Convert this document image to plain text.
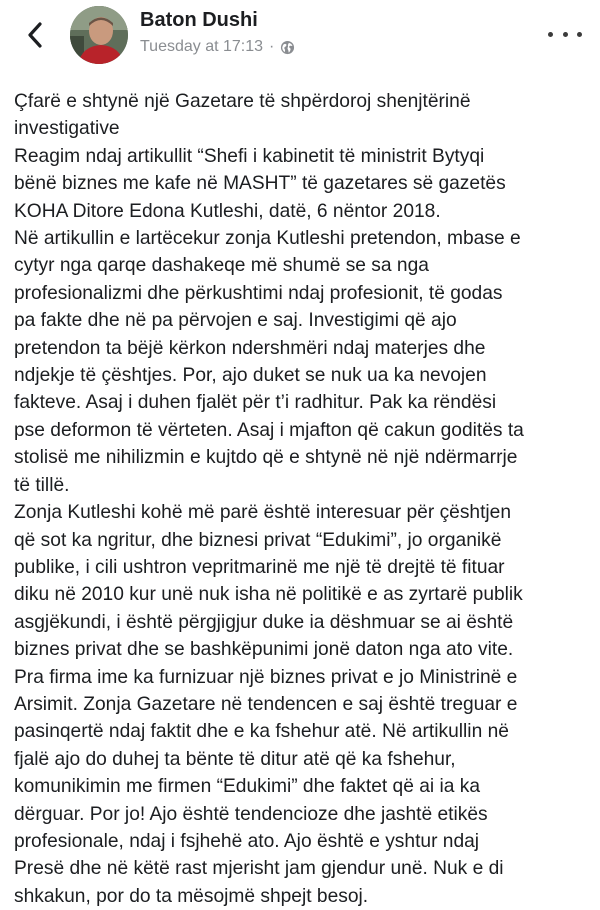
Baton Dushi
Tuesday at 17:13 ·

Çfarë e shtynë një Gazetare të shpërdoroj shenjtërinë

investigative

Reagim ndaj artikullit “Shefi i kabinetit të ministrit Bytyqi

bënë biznes me kafe në MASHT” të gazetares së gazetës

KOHA Ditore Edona Kutleshi, datë, 6 nëntor 2018.

Në artikullin e lartëcekur zonja Kutleshi pretendon, mbase e

cytyr nga qarqe dashakeqe më shumë se sa nga

profesionalizmi dhe përkushtimi ndaj profesionit, të godas

pa fakte dhe në pa përvojen e saj. Investigimi që ajo

pretendon ta bëjë kërkon ndershmëri ndaj materjes dhe

ndjekje të çështjes. Por, ajo duket se nuk ua ka nevojen

fakteve. Asaj i duhen fjalët për t’i radhitur. Pak ka rëndësi

pse deformon të vërteten. Asaj i mjafton që cakun goditës ta

stolisë me nihilizmin e kujtdo që e shtynë në një ndërmarrje

të tillë.

Zonja Kutleshi kohë më parë është interesuar për çështjen

që sot ka ngritur, dhe biznesi privat “Edukimi”, jo organikë

publike, i cili ushtron vepritmarinë me një të drejtë të fituar

diku në 2010 kur unë nuk isha në politikë e as zyrtarë publik

asgjëkundi, i është përgjigjur duke ia dëshmuar se ai është

biznes privat dhe se bashkëpunimi jonë daton nga ato vite.

Pra firma ime ka furnizuar një biznes privat e jo Ministrinë e

Arsimit. Zonja Gazetare në tendencen e saj është treguar e

pasinqertë ndaj faktit dhe e ka fshehur atë. Në artikullin në

fjalë ajo do duhej ta bënte të ditur atë që ka fshehur,

komunikimin me firmen “Edukimi” dhe faktet që ai ia ka

dërguar. Por jo! Ajo është tendencioze dhe jashtë etikës

profesionale, ndaj i fsjhehë ato. Ajo është e yshtur ndaj

Presë dhe në këtë rast mjerisht jam gjendur unë. Nuk e di

shkakun, por do ta mësojmë shpejt besoj.
